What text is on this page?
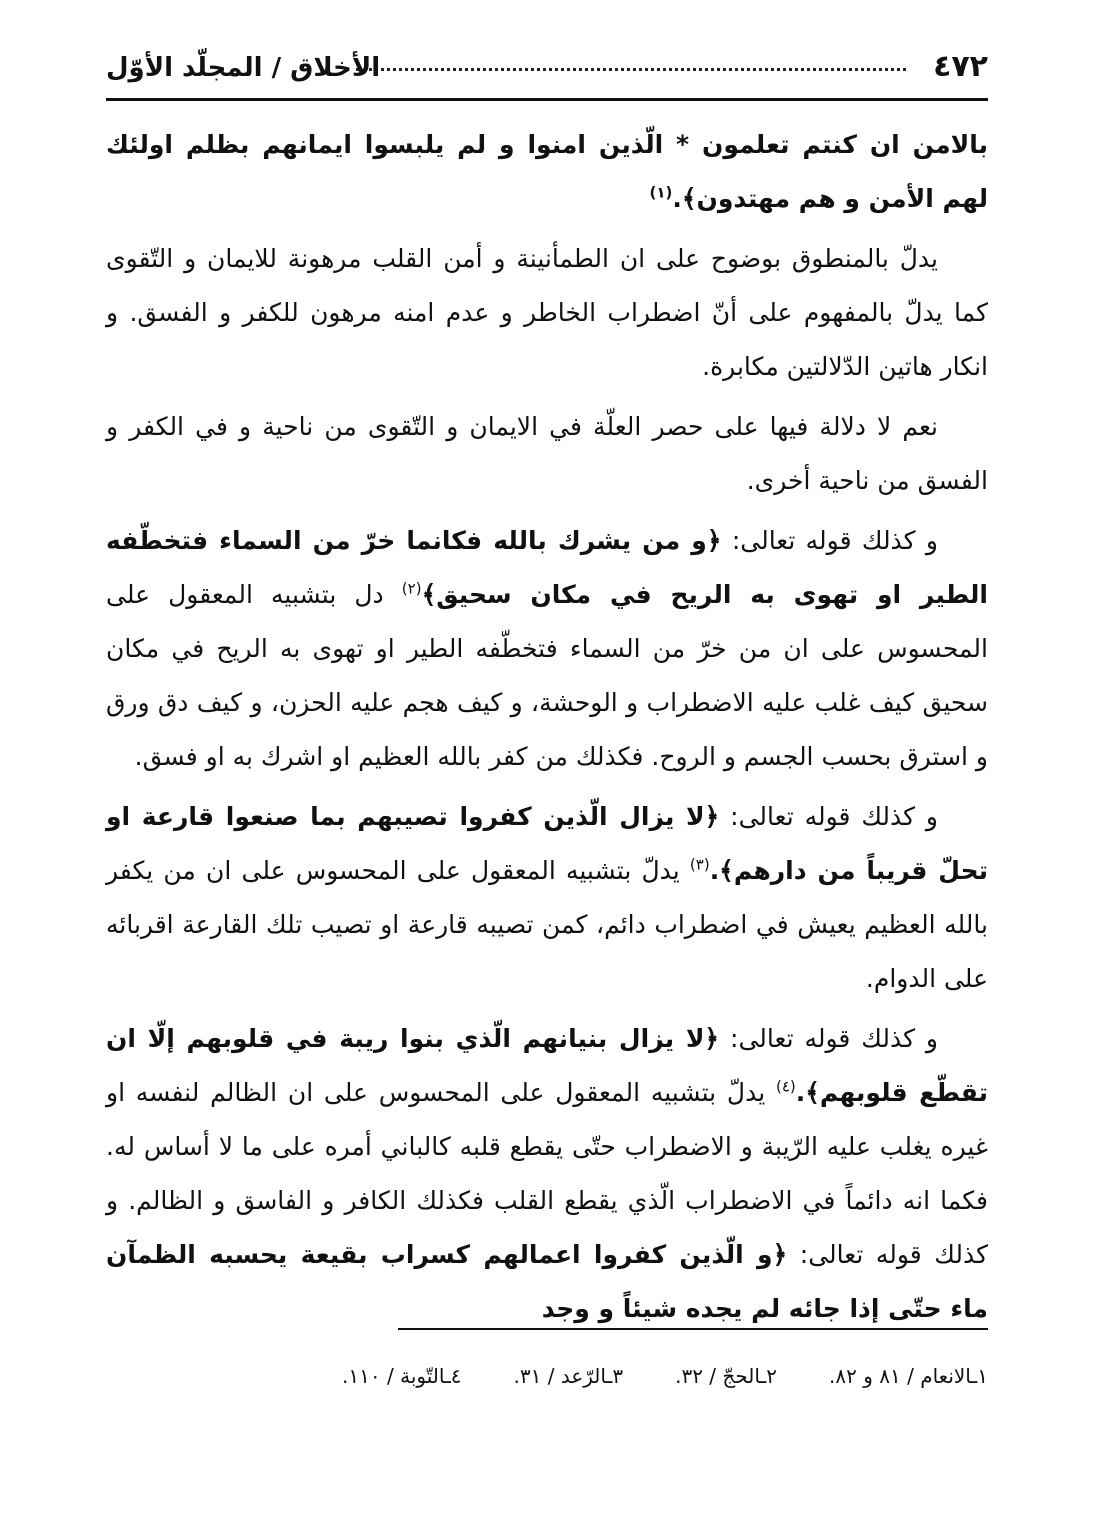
٤٧٢
الأخلاق / المجلّد الأوّل

بالامن ان كنتم تعلمون * الّذين امنوا و لم يلبسوا ايمانهم بظلم اولئك لهم الأمن و هم مهتدون﴾.$^{(١)}$

يدلّ بالمنطوق بوضوح على ان الطمأنينة و أمن القلب مرهونة للايمان و التّقوى كما يدلّ بالمفهوم على أنّ اضطراب الخاطر و عدم امنه مرهون للكفر و الفسق. و انكار هاتين الدّلالتين مكابرة.

نعم لا دلالة فيها على حصر العلّة في الايمان و التّقوى من ناحية و في الكفر و الفسق من ناحية أخرى.

و كذلك قوله تعالى: ﴿و من يشرك بالله فكانما خرّ من السماء فتخطّفه الطير او تهوى به الريح في مكان سحيق﴾$^{(٢)}$ دل بتشبيه المعقول على المحسوس على ان من خرّ من السماء فتخطّفه الطير او تهوى به الريح في مكان سحيق كيف غلب عليه الاضطراب و الوحشة، و كيف هجم عليه الحزن، و كيف دق ورق و استرق بحسب الجسم و الروح. فكذلك من كفر بالله العظيم او اشرك به او فسق.

و كذلك قوله تعالى: ﴿لا يزال الّذين كفروا تصيبهم بما صنعوا قارعة او تحلّ قريباً من دارهم﴾.$^{(٣)}$ يدلّ بتشبيه المعقول على المحسوس على ان من يكفر بالله العظيم يعيش في اضطراب دائم، كمن تصيبه قارعة او تصيب تلك القارعة اقربائه على الدوام.

و كذلك قوله تعالى: ﴿لا يزال بنيانهم الّذي بنوا ريبة في قلوبهم إلّا ان تقطّع قلوبهم﴾.$^{(٤)}$ يدلّ بتشبيه المعقول على المحسوس على ان الظالم لنفسه او غيره يغلب عليه الرّيبة و الاضطراب حتّى يقطع قلبه كالباني أمره على ما لا أساس له. فكما انه دائماً في الاضطراب الّذي يقطع القلب فكذلك الكافر و الفاسق و الظالم. و كذلك قوله تعالى: ﴿و الّذين كفروا اعمالهم كسراب بقيعة يحسبه الظمآن ماء حتّى إذا جائه لم يجده شيئاً و وجد

١ـالانعام / ٨١ و ٨٢.
٢ـالحجّ / ٣٢.
٣ـالرّعد / ٣١.
٤ـالتّوبة / ١١٠.
